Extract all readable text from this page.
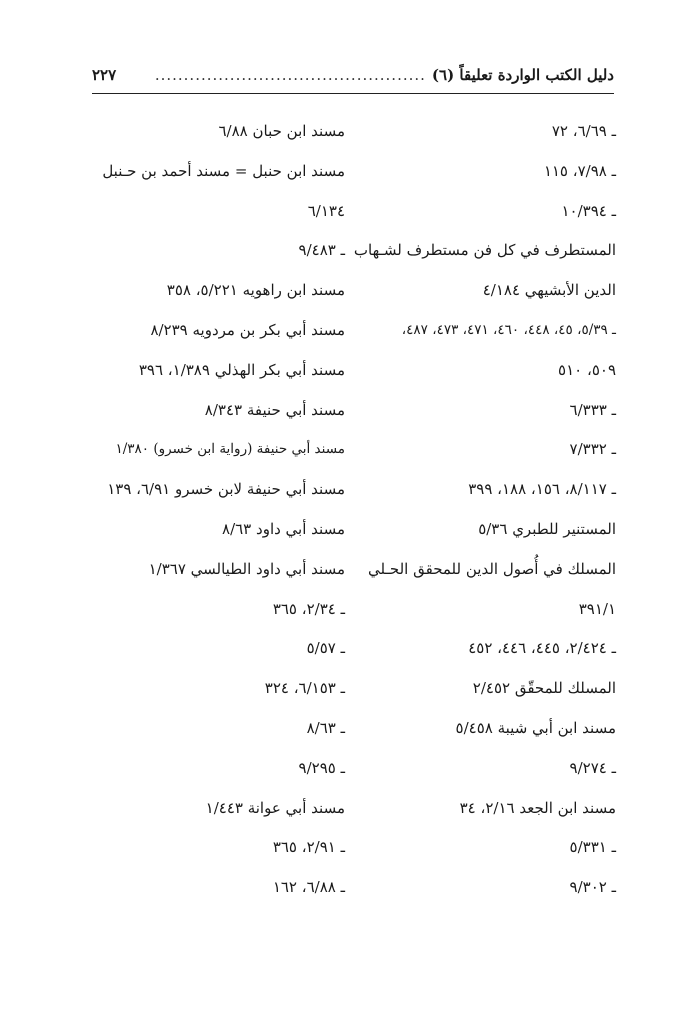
دليل الكتب الواردة تعليقاً (٦)
...............................................
٢٢٧
ـ ٦/٦٩، ٧٢
ـ ٧/٩٨، ١١٥
ـ ١٠/٣٩٤
المستطرف في كل فن مستطرف لشـهاب
الدين الأبشيهي ٤/١٨٤
ـ ٥/٣٩، ٤٥، ٤٤٨، ٤٦٠، ٤٧١، ٤٧٣، ٤٨٧،
٥٠٩، ٥١٠
ـ ٦/٣٣٣
ـ ٧/٣٣٢
ـ ٨/١١٧، ١٥٦، ١٨٨، ٣٩٩
المستنير للطبري ٥/٣٦
المسلك في أُصول الدين للمحقق الحـلي
٣٩١/١
ـ ٢/٤٢٤، ٤٤٥، ٤٤٦، ٤٥٢
المسلك للمحقّق ٢/٤٥٢
مسند ابن أبي شيبة ٥/٤٥٨
ـ ٩/٢٧٤
مسند ابن الجعد ٢/١٦، ٣٤
ـ ٥/٣٣١
ـ ٩/٣٠٢
مسند ابن حبان ٦/٨٨
مسند ابن حنبل = مسند أحمد بن حـنبل
٦/١٣٤
ـ ٩/٤٨٣
مسند ابن راهويه ٥/٢٢١، ٣٥٨
مسند أبي بكر بن مردويه ٨/٢٣٩
مسند أبي بكر الهذلي ١/٣٨٩، ٣٩٦
مسند أبي حنيفة ٨/٣٤٣
مسند أبي حنيفة (رواية ابن خسرو) ١/٣٨٠
مسند أبي حنيفة لابن خسرو ٦/٩١، ١٣٩
مسند أبي داود ٨/٦٣
مسند أبي داود الطيالسي ١/٣٦٧
ـ ٢/٣٤، ٣٦٥
ـ ٥/٥٧
ـ ٦/١٥٣، ٣٢٤
ـ ٨/٦٣
ـ ٩/٢٩٥
مسند أبي عوانة ١/٤٤٣
ـ ٢/٩١، ٣٦٥
ـ ٦/٨٨، ١٦٢
